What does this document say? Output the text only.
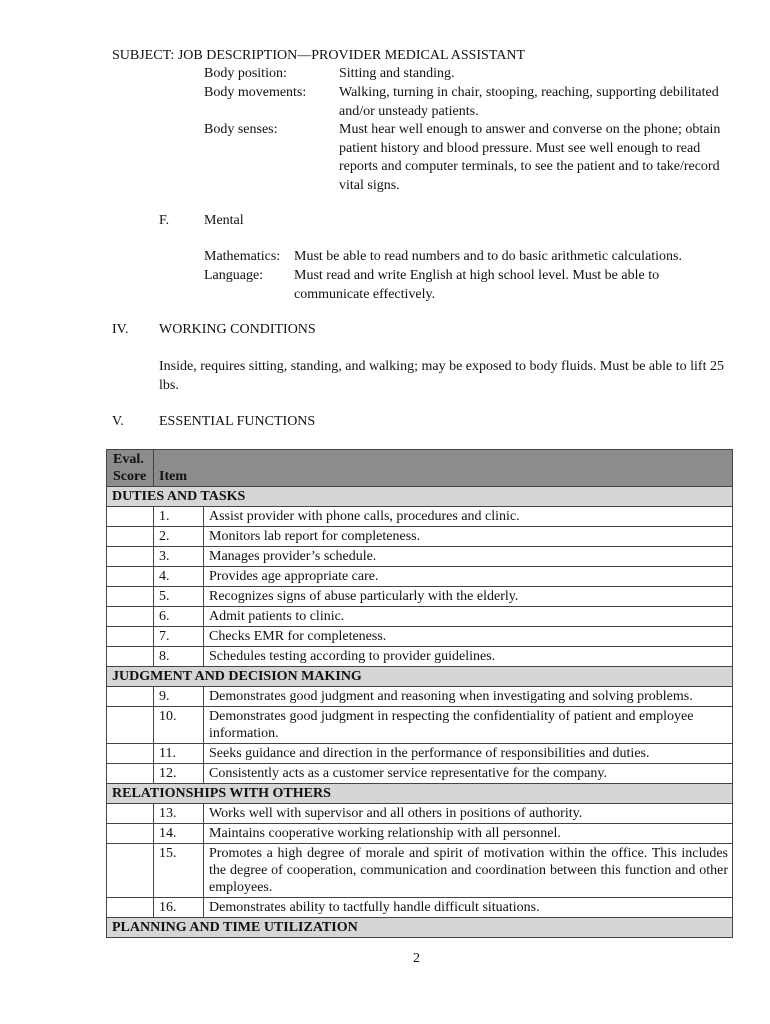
SUBJECT: JOB DESCRIPTION—PROVIDER MEDICAL ASSISTANT
Body position:	Sitting and standing.
Body movements: Walking, turning in chair, stooping, reaching, supporting debilitated and/or unsteady patients.
Body senses:	Must hear well enough to answer and converse on the phone; obtain patient history and blood pressure. Must see well enough to read reports and computer terminals, to see the patient and to take/record vital signs.
F. Mental
Mathematics: Must be able to read numbers and to do basic arithmetic calculations.
Language: Must read and write English at high school level. Must be able to communicate effectively.
IV. WORKING CONDITIONS
Inside, requires sitting, standing, and walking; may be exposed to body fluids. Must be able to lift 25 lbs.
V.	ESSENTIAL FUNCTIONS
Eval.
Score	Item	
DUTIES AND TASKS		
	1.	Assist provider with phone calls, procedures and clinic.
	2.	Monitors lab report for completeness.
	3.	Manages provider’s schedule.
	4.	Provides age appropriate care.
	5.	Recognizes signs of abuse particularly with the elderly.
	6.	Admit patients to clinic.
	7.	Checks EMR for completeness.
	8.	Schedules testing according to provider guidelines.
JUDGMENT AND DECISION MAKING		
	9.	Demonstrates good judgment and reasoning when investigating and solving problems.
	10.	Demonstrates good judgment in respecting the confidentiality of patient and employee information.
	11.	Seeks guidance and direction in the performance of responsibilities and duties.
	12.	Consistently acts as a customer service representative for the company.
RELATIONSHIPS WITH OTHERS		
	13.	Works well with supervisor and all others in positions of authority.
	14.	Maintains cooperative working relationship with all personnel.
	15.	Promotes a high degree of morale and spirit of motivation within the office. This includes the degree of cooperation, communication and coordination between this function and other employees.
	16.	Demonstrates ability to tactfully handle difficult situations.
PLANNING AND TIME UTILIZATION		
2
